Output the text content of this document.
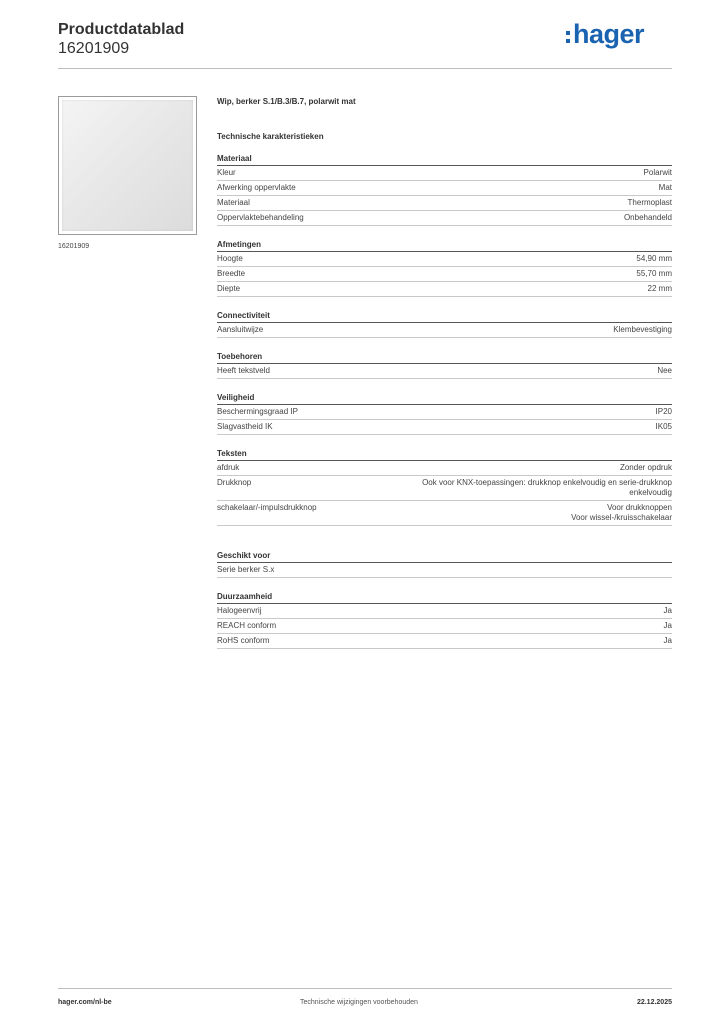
Productdatablad
16201909	hager
16201909
Wip, berker S.1/B.3/B.7, polarwit mat
Technische karakteristieken
Materiaal
Kleur	Polarwit
Afwerking oppervlakte	Mat
Materiaal	Thermoplast
Oppervlaktebehandeling	Onbehandeld
Afmetingen
Hoogte	54,90 mm
Breedte	55,70 mm
Diepte	22 mm
Connectiviteit
Aansluitwijze	Klembevestiging
Toebehoren
Heeft tekstveld	Nee
Veiligheid
Beschermingsgraad IP	IP20
Slagvastheid IK	IK05
Teksten
afdruk	Zonder opdruk
Drukknop	Ook voor KNX-toepassingen: drukknop enkelvoudig en serie-drukknop
enkelvoudig
schakelaar/-impulsdrukknop	Voor drukknoppen
Voor wissel-/kruisschakelaar
Geschikt voor
Serie berker S.x
Duurzaamheid
Halogeenvrij	Ja
REACH conform	Ja
RoHS conform	Ja
hager.com/nl-be	Technische wijzigingen voorbehouden	22.12.2025
